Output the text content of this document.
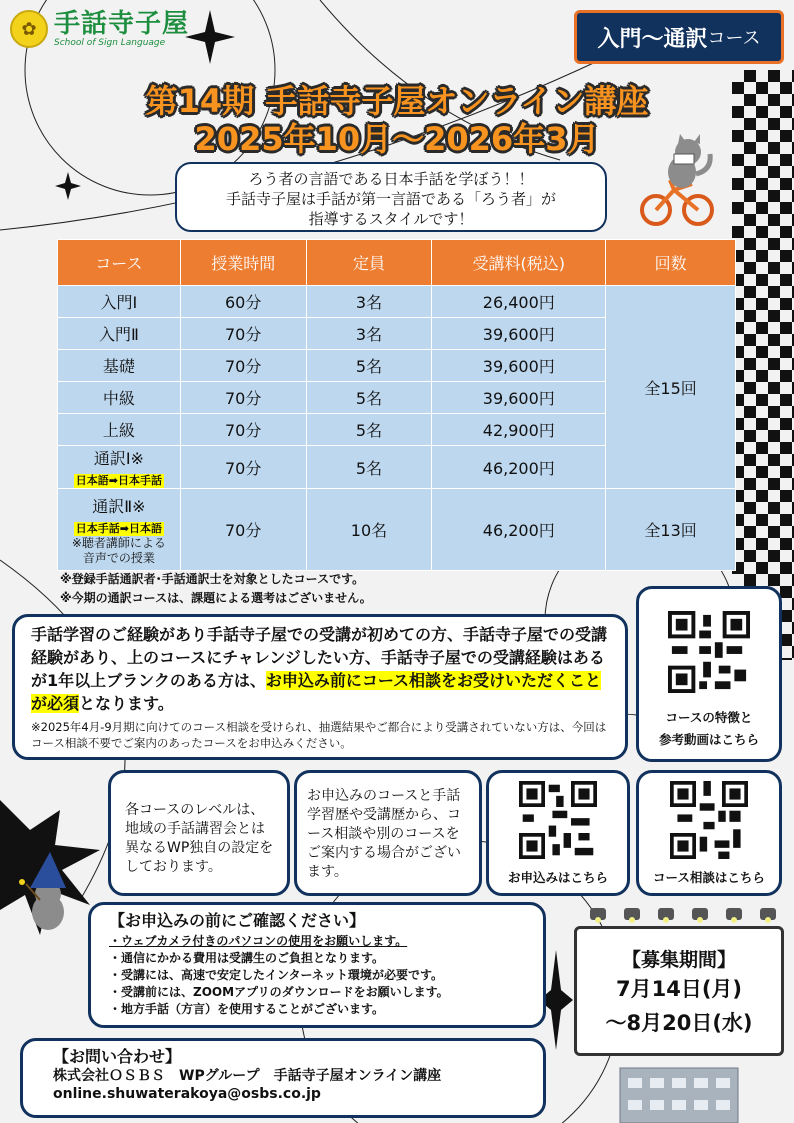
✿ 手話寺子屋
School of Sign Language	入門〜通訳 コース
第14期 手話寺子屋オンライン講座
2025年10月〜2026年3月
ろう者の言語である日本手話を学ぼう！！
手話寺子屋は手話が第一言語である「ろう者」が
指導するスタイルです！
コース	授業時間	定員	受講料(税込)	回数
入門Ⅰ	60分	3名	26,400円	全15回
入門Ⅱ	70分	3名	39,600円	
基礎	70分	5名	39,600円	
中級	70分	5名	39,600円	
上級	70分	5名	42,900円	

通訳Ⅰ※
日本語➡日本手話	70分	5名	46,200円	

通訳Ⅱ※
日本手話➡日本語
※聴者講師による
音声での授業	70分	10名	46,200円	全13回
※登録手話通訳者･手話通訳士を対象としたコースです。
※今期の通訳コースは、課題による選考はございません。
手話学習のご経験があり手話寺子屋での受講が初めての方、手話寺子屋での受講経験があり、上のコースにチャレンジしたい方、手話寺子屋での受講経験はあるが1年以上ブランクのある方は、お申込み前にコース相談をお受けいただくことが必須となります。
※2025年4月-9月期に向けてのコース相談を受けられ、抽選結果やご都合により受講されていない方は、今回はコース相談不要でご案内のあったコースをお申込みください。
コースの特徴と
参考動画はこちら
各コースのレベルは、地域の手話講習会とは異なるWP独自の設定をしております。
お申込みのコースと手話学習歴や受講歴から、コース相談や別のコースをご案内する場合がございます。	お申込みはこちら	コース相談はこちら
【お申込みの前にご確認ください】
・ ウェブカメラ付きのパソコンの使用をお願いします。
・ 通信にかかる費用は受講生のご負担となります。
・ 受講には、高速で安定したインターネット環境が必要です。
・ 受講前には、ZOOMアプリのダウンロードをお願いします。
・ 地方手話（方言）を使用することがございます。
【募集期間】
7月14日(月)
〜8月20日(水)
【お問い合わせ】
株式会社ＯＳＢＳ　WPグループ　手話寺子屋オンライン講座
online.shuwaterakoya@osbs.co.jp
